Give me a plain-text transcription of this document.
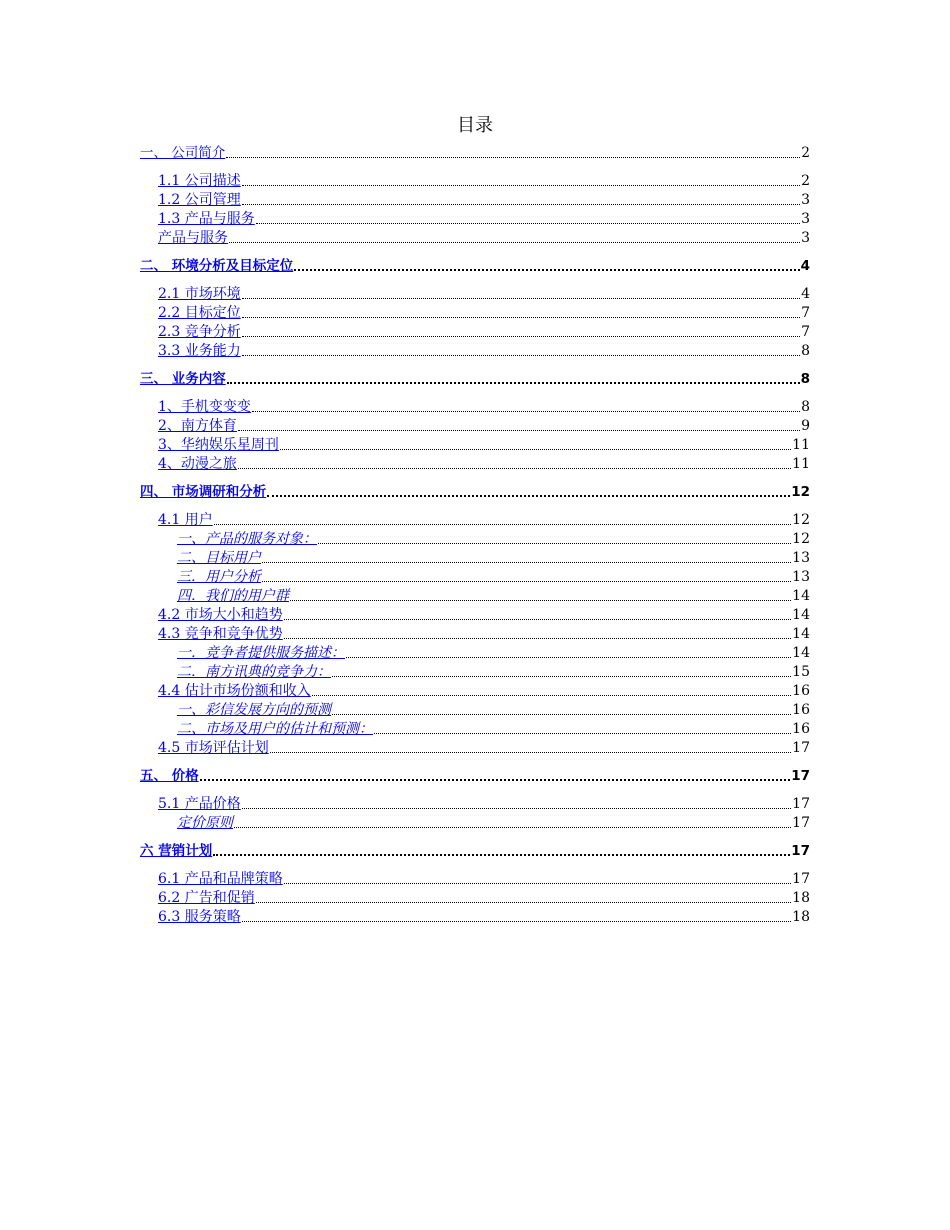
目录
一、 公司简介	2
1.1 公司描述	2
1.2 公司管理	3
1.3 产品与服务	3
产品与服务	3
二、 环境分析及目标定位	4
2.1 市场环境	4
2.2 目标定位	7
2.3 竞争分析	7
3.3 业务能力	8
三、 业务内容	8
1、手机变变变	8
2、南方体育	9
3、华纳娱乐星周刊	11
4、动漫之旅	11
四、 市场调研和分析	12
4.1 用户	12
一、产品的服务对象：	12
二、目标用户	13
三．用户分析	13
四．我们的用户群	14
4.2 市场大小和趋势	14
4.3 竞争和竞争优势	14
一．竞争者提供服务描述：	14
二．南方讯典的竞争力：	15
4.4 估计市场份额和收入	16
一、彩信发展方向的预测	16
二、市场及用户的估计和预测：	16
4.5 市场评估计划	17
五、 价格	17
5.1 产品价格	17
定价原则	17
六 营销计划	17
6.1 产品和品牌策略	17
6.2 广告和促销	18
6.3 服务策略	18
